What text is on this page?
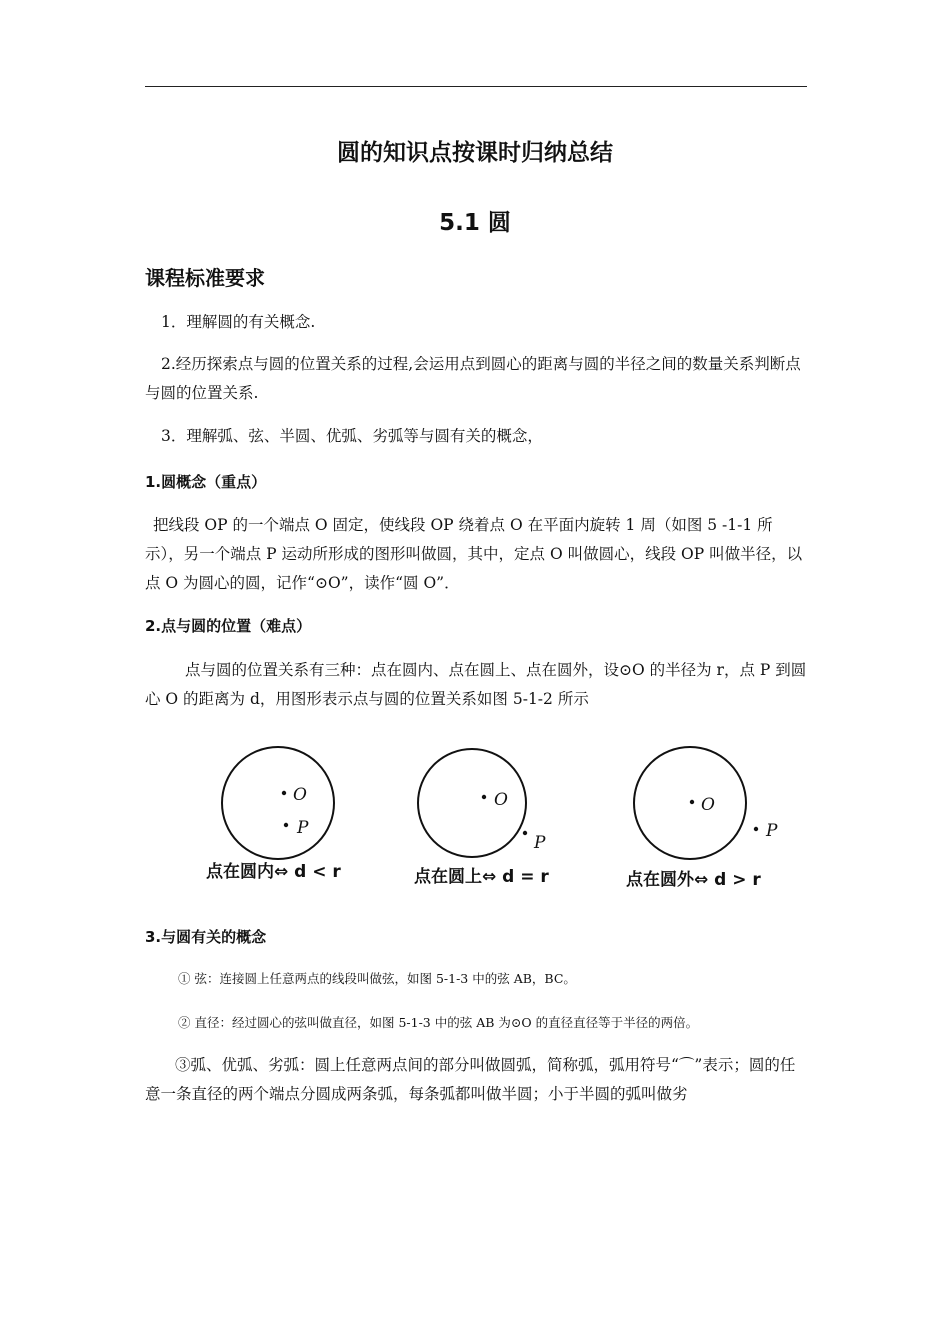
圆的知识点按课时归纳总结
5.1 圆
课程标准要求
1．理解圆的有关概念.
2.经历探索点与圆的位置关系的过程,会运用点到圆心的距离与圆的半径之间的数量关系判断点与圆的位置关系.
3．理解弧、弦、半圆、优弧、劣弧等与圆有关的概念，
1.圆概念（重点）
把线段 OP 的一个端点 O 固定，使线段 OP 绕着点 O 在平面内旋转 1 周（如图 5 -1-1 所示），另一个端点 P 运动所形成的图形叫做圆，其中，定点 O 叫做圆心，线段 OP 叫做半径，以点 O 为圆心的圆，记作“⊙O”，读作“圆 O”．
2.点与圆的位置（难点）
点与圆的位置关系有三种：点在圆内、点在圆上、点在圆外，设⊙O 的半径为 r，点 P 到圆心 O 的距离为 d，用图形表示点与圆的位置关系如图 5-1-2 所示
O
P
点在圆内⇔ d < r
O
P
点在圆上⇔ d = r
O
P
点在圆外⇔ d > r
3.与圆有关的概念
① 弦：连接圆上任意两点的线段叫做弦，如图 5-1-3 中的弦 AB，BC。
② 直径：经过圆心的弦叫做直径，如图 5-1-3 中的弦 AB 为⊙O 的直径直径等于半径的两倍。
③弧、优弧、劣弧：圆上任意两点间的部分叫做圆弧，简称弧，弧用符号“⌒”表示；圆的任意一条直径的两个端点分圆成两条弧，每条弧都叫做半圆；小于半圆的弧叫做劣
